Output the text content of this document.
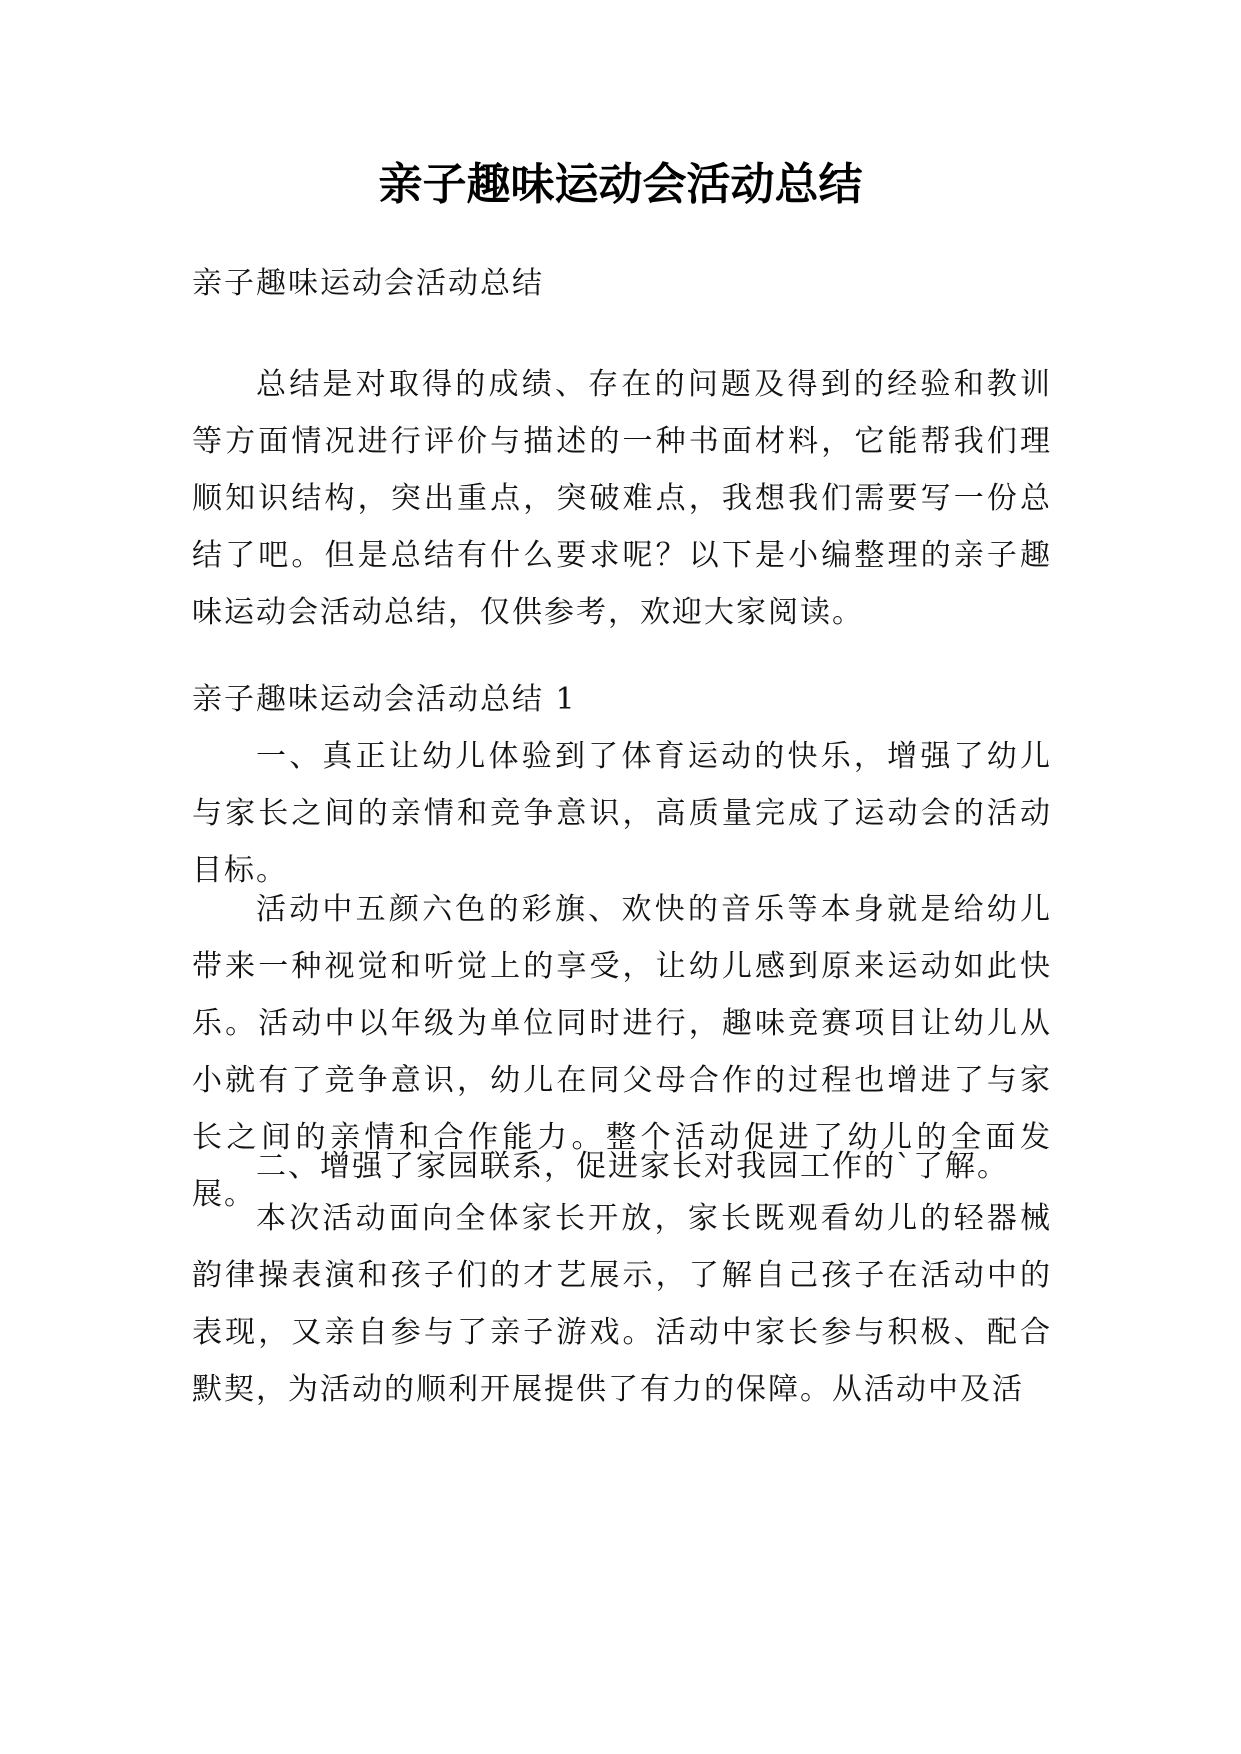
亲子趣味运动会活动总结

亲子趣味运动会活动总结

总结是对取得的成绩、存在的问题及得到的经验和教训等方面情况进行评价与描述的一种书面材料，它能帮我们理顺知识结构，突出重点，突破难点，我想我们需要写一份总结了吧。但是总结有什么要求呢？以下是小编整理的亲子趣味运动会活动总结，仅供参考，欢迎大家阅读。

亲子趣味运动会活动总结 1

一、真正让幼儿体验到了体育运动的快乐，增强了幼儿与家长之间的亲情和竞争意识，高质量完成了运动会的活动目标。

活动中五颜六色的彩旗、欢快的音乐等本身就是给幼儿带来一种视觉和听觉上的享受，让幼儿感到原来运动如此快乐。活动中以年级为单位同时进行，趣味竞赛项目让幼儿从小就有了竞争意识，幼儿在同父母合作的过程也增进了与家长之间的亲情和合作能力。整个活动促进了幼儿的全面发展。

二、增强了家园联系，促进家长对我园工作的`了解。

本次活动面向全体家长开放，家长既观看幼儿的轻器械韵律操表演和孩子们的才艺展示，了解自己孩子在活动中的表现，又亲自参与了亲子游戏。活动中家长参与积极、配合默契，为活动的顺利开展提供了有力的保障。从活动中及活
